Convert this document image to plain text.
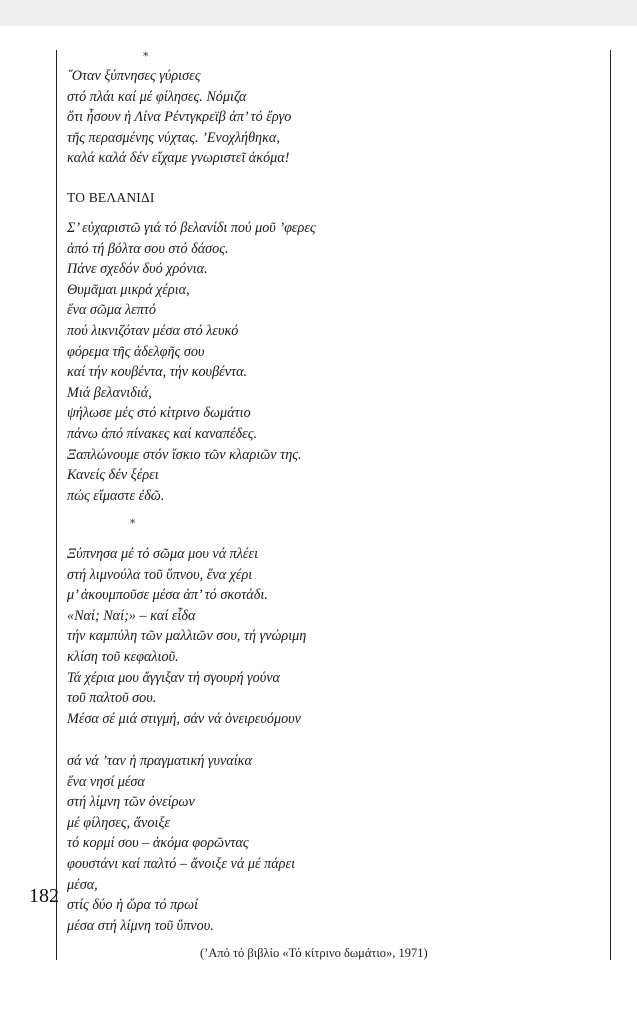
*

῞Οταν ξύπνησες γύρισες
στό πλάι καί μέ φίλησες. Νόμιζα
ὅτι ἦσουν ἡ Λίνα Ρέντγκρεϊβ ἀπ’ τό ἔργο
τῆς περασμένης νύχτας. ’Ενοχλήθηκα,
καλά καλά δέν εἴχαμε γνωριστεῖ ἀκόμα!

ΤΟ ΒΕΛΑΝΙΔΙ

Σ’ εὐχαριστῶ γιά τό βελανίδι πού μοῦ ’φερες
ἀπό τή βόλτα σου στό δάσος.
Πάνε σχεδόν δυό χρόνια.
Θυμᾶμαι μικρά χέρια,
ἕνα σῶμα λεπτό
πού λικνιζόταν μέσα στό λευκό
φόρεμα τῆς ἀδελφῆς σου
καί τήν κουβέντα, τήν κουβέντα.
Μιά βελανιδιά,
ψήλωσε μές στό κίτρινο δωμάτιο
πάνω ἀπό πίνακες καί καναπέδες.
Ξαπλώνουμε στόν ἴσκιο τῶν κλαριῶν της.
Κανείς δέν ξέρει
πώς εἴμαστε ἐδῶ.

*

Ξύπνησα μέ τό σῶμα μου νά πλέει
στή λιμνούλα τοῦ ὕπνου, ἕνα χέρι
μ’ ἀκουμποῦσε μέσα ἀπ’ τό σκοτάδι.
«Ναί; Ναί;» – καί εἶδα
τήν καμπύλη τῶν μαλλιῶν σου, τή γνώριμη
κλίση τοῦ κεφαλιοῦ.
Τά χέρια μου ἄγγιξαν τή σγουρή γούνα
τοῦ παλτοῦ σου.
Μέσα σέ μιά στιγμή, σάν νά ὀνειρευόμουν

σά νά ’ταν ἡ πραγματική γυναίκα
ἕνα νησί μέσα
στή λίμνη τῶν ὀνείρων
μέ φίλησες, ἄνοιξε
τό κορμί σου – ἀκόμα φορῶντας
φουστάνι καί παλτό – ἄνοιξε νά μέ πάρει
μέσα,
στίς δύο ἡ ὥρα τό πρωί
μέσα στή λίμνη τοῦ ὕπνου.

182
(’Από τό βιβλίο «Τό κίτρινο δωμάτιο», 1971)
